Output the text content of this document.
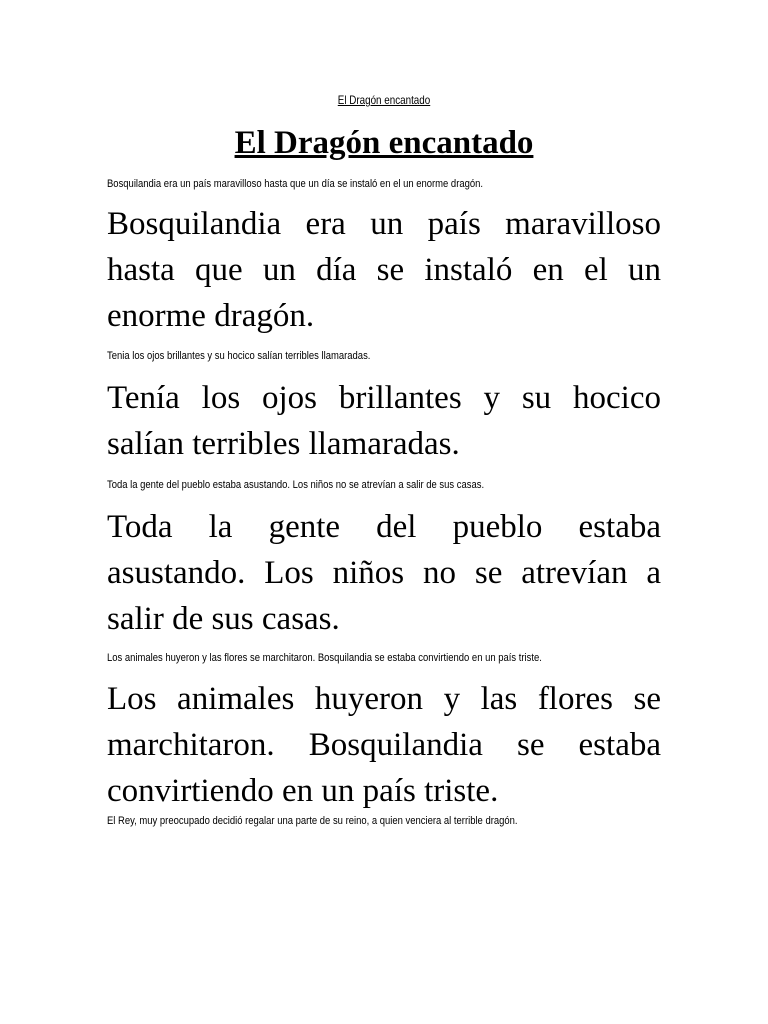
El Dragón encantado

El Dragón encantado

Bosquilandia era un país maravilloso hasta que un día se instaló en el un enorme dragón.

Bosquilandia era un país maravilloso hasta que un día se instaló en el un enorme dragón.

Tenia los ojos brillantes y su hocico salían terribles llamaradas.

Tenía los ojos brillantes y su hocico salían terribles llamaradas.

Toda la gente del pueblo estaba asustando. Los niños no se atrevían a salir de sus casas.

Toda la gente del pueblo estaba asustando. Los niños no se atrevían a salir de sus casas.

Los animales huyeron y las flores se marchitaron. Bosquilandia se estaba convirtiendo en un país triste.

Los animales huyeron y las flores se marchitaron. Bosquilandia se estaba convirtiendo en un país triste.

El Rey, muy preocupado decidió regalar una parte de su reino, a quien venciera al terrible dragón.
